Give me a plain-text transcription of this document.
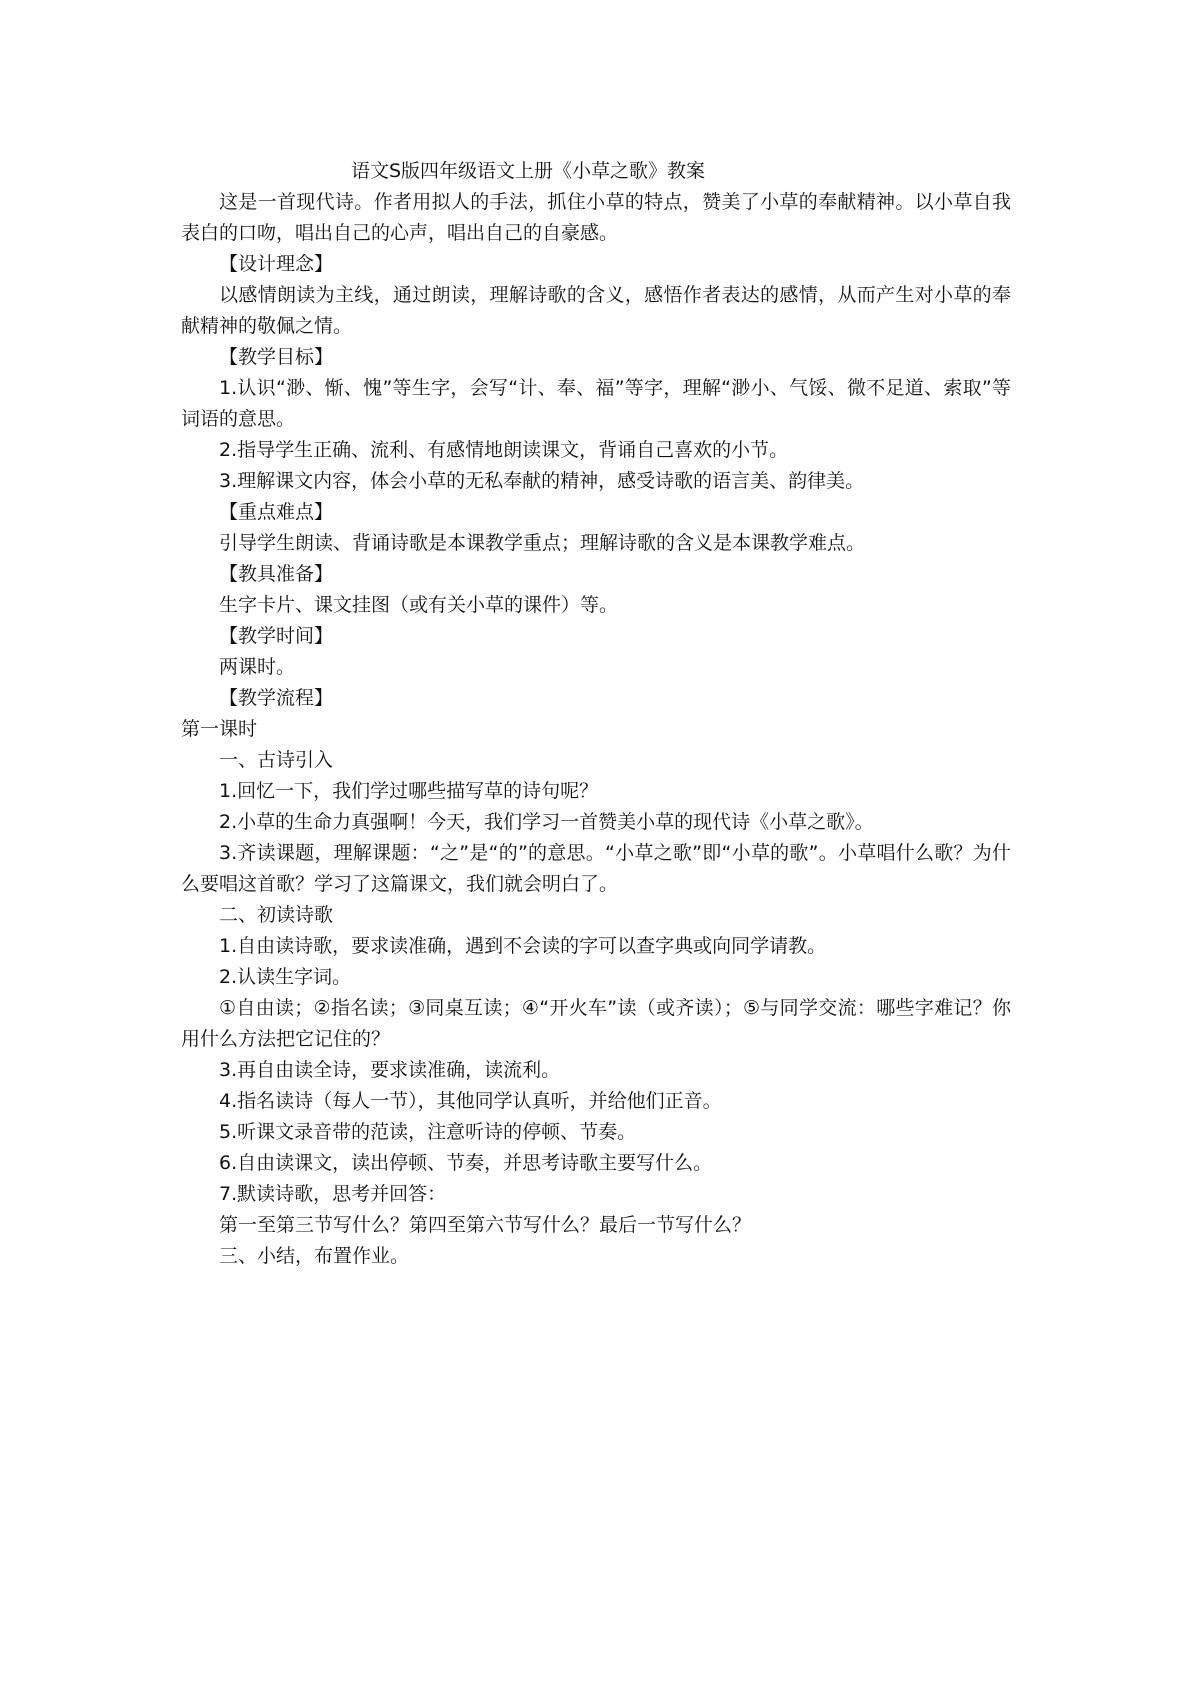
语文S版四年级语文上册《小草之歌》教案

这是一首现代诗。作者用拟人的手法，抓住小草的特点，赞美了小草的奉献精神。以小草自我表白的口吻，唱出自己的心声，唱出自己的自豪感。

【设计理念】

以感情朗读为主线，通过朗读，理解诗歌的含义，感悟作者表达的感情，从而产生对小草的奉献精神的敬佩之情。

【教学目标】

1.认识“渺、惭、愧”等生字，会写“计、奉、福”等字，理解“渺小、气馁、微不足道、索取”等词语的意思。

2.指导学生正确、流利、有感情地朗读课文，背诵自己喜欢的小节。

3.理解课文内容，体会小草的无私奉献的精神，感受诗歌的语言美、韵律美。

【重点难点】

引导学生朗读、背诵诗歌是本课教学重点；理解诗歌的含义是本课教学难点。

【教具准备】

生字卡片、课文挂图（或有关小草的课件）等。

【教学时间】

两课时。

【教学流程】

第一课时

一、古诗引入

1.回忆一下，我们学过哪些描写草的诗句呢？

2.小草的生命力真强啊！今天，我们学习一首赞美小草的现代诗《小草之歌》。

3.齐读课题，理解课题：“之”是“的”的意思。“小草之歌”即“小草的歌”。小草唱什么歌？为什么要唱这首歌？学习了这篇课文，我们就会明白了。

二、初读诗歌

1.自由读诗歌，要求读准确，遇到不会读的字可以查字典或向同学请教。

2.认读生字词。

①自由读；②指名读；③同桌互读；④“开火车”读（或齐读）；⑤与同学交流：哪些字难记？你用什么方法把它记住的？

3.再自由读全诗，要求读准确，读流利。

4.指名读诗（每人一节），其他同学认真听，并给他们正音。

5.听课文录音带的范读，注意听诗的停顿、节奏。

6.自由读课文，读出停顿、节奏，并思考诗歌主要写什么。

7.默读诗歌，思考并回答：

第一至第三节写什么？第四至第六节写什么？最后一节写什么？

三、小结，布置作业。
